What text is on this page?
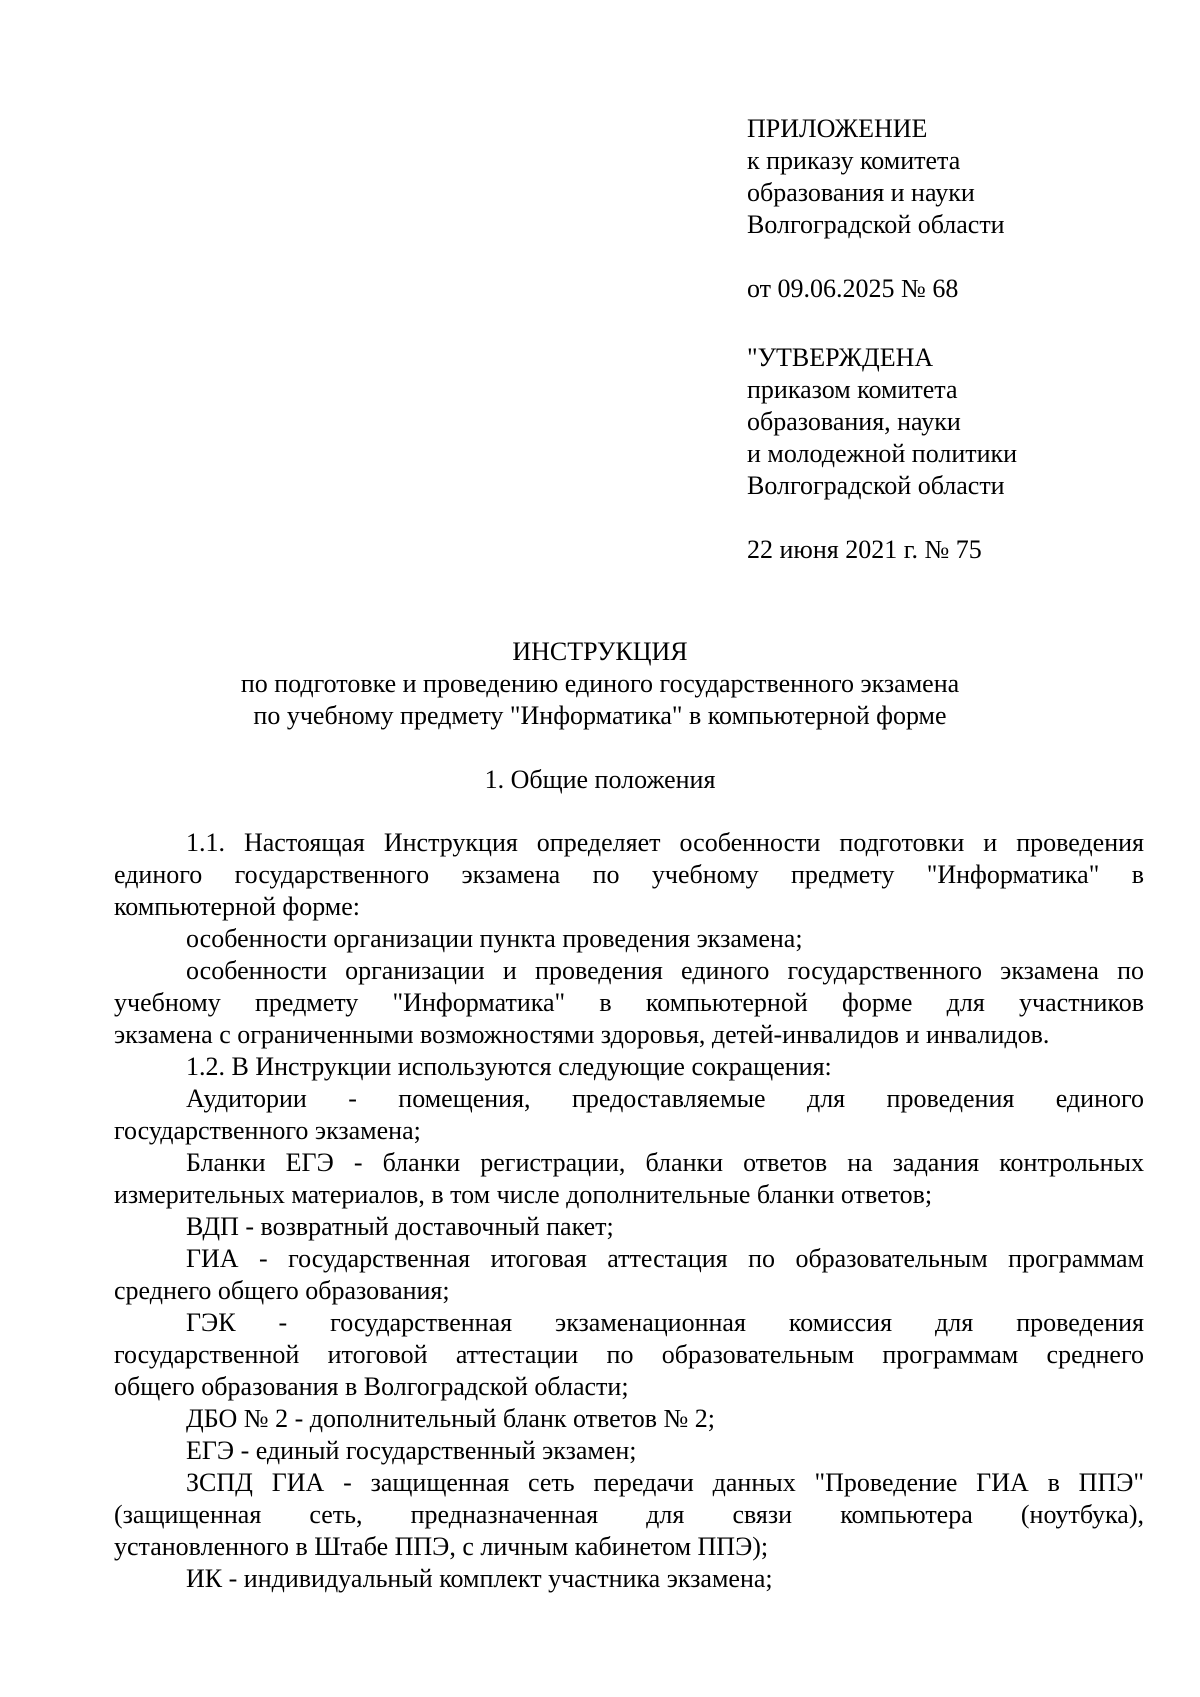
ПРИЛОЖЕНИЕ
к приказу комитета
образования и науки
Волгоградской области
от 09.06.2025 № 68
"УТВЕРЖДЕНА
приказом комитета
образования, науки
и молодежной политики
Волгоградской области
22 июня 2021 г. № 75
ИНСТРУКЦИЯ
по подготовке и проведению единого государственного экзамена
по учебному предмету "Информатика" в компьютерной форме
1. Общие положения
1.1. Настоящая Инструкция определяет особенности подготовки и проведения
единого государственного экзамена по учебному предмету "Информатика" в
компьютерной форме:
особенности организации пункта проведения экзамена;
особенности организации и проведения единого государственного экзамена по
учебному предмету "Информатика" в компьютерной форме для участников
экзамена с ограниченными возможностями здоровья, детей-инвалидов и инвалидов.
1.2. В Инструкции используются следующие сокращения:
Аудитории - помещения, предоставляемые для проведения единого
государственного экзамена;
Бланки ЕГЭ - бланки регистрации, бланки ответов на задания контрольных
измерительных материалов, в том числе дополнительные бланки ответов;
ВДП - возвратный доставочный пакет;
ГИА - государственная итоговая аттестация по образовательным программам
среднего общего образования;
ГЭК - государственная экзаменационная комиссия для проведения
государственной итоговой аттестации по образовательным программам среднего
общего образования в Волгоградской области;
ДБО № 2 - дополнительный бланк ответов № 2;
ЕГЭ - единый государственный экзамен;
ЗСПД ГИА - защищенная сеть передачи данных "Проведение ГИА в ППЭ"
(защищенная сеть, предназначенная для связи компьютера (ноутбука),
установленного в Штабе ППЭ, с личным кабинетом ППЭ);
ИК - индивидуальный комплект участника экзамена;
